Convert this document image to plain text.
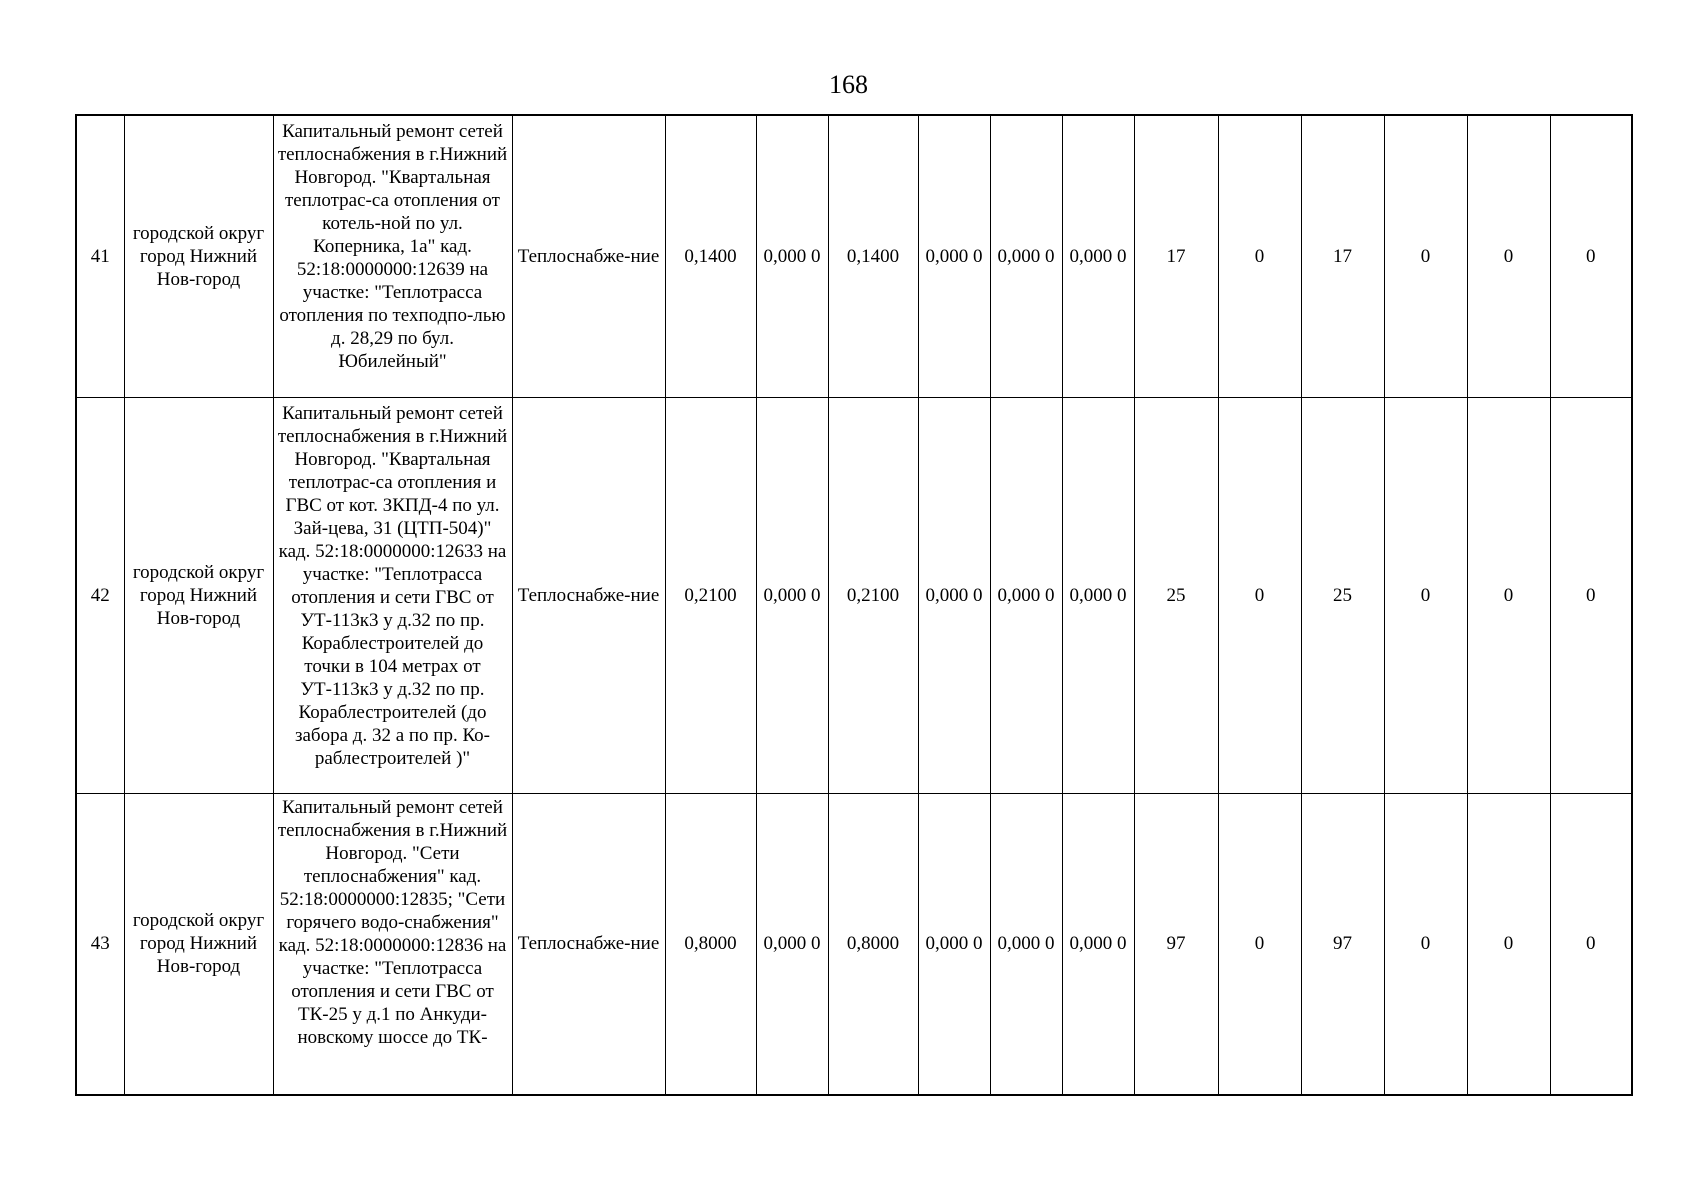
168
41	городской округ город Нижний Нов-город	Капитальный ремонт сетей теплоснабжения в г.Нижний Новгород. "Квартальная теплотрас-са отопления от котель-ной по ул. Коперника, 1а" кад. 52:18:0000000:12639 на участке: "Теплотрасса отопления по техподпо-лью д. 28,29 по бул. Юбилейный"	Теплоснабже-ние	0,1400	0,000 0	0,1400	0,000 0	0,000 0	0,000 0	17	0	17	0	0	0
42	городской округ город Нижний Нов-город	Капитальный ремонт сетей теплоснабжения в г.Нижний Новгород. "Квартальная теплотрас-са отопления и ГВС от кот. ЗКПД-4 по ул. Зай-цева, 31 (ЦТП-504)" кад. 52:18:0000000:12633 на участке: "Теплотрасса отопления и сети ГВС от УТ-113к3 у д.32 по пр. Кораблестроителей до точки в 104 метрах от УТ-113к3 у д.32 по пр. Кораблестроителей (до забора д. 32 а по пр. Ко-раблестроителей )"	Теплоснабже-ние	0,2100	0,000 0	0,2100	0,000 0	0,000 0	0,000 0	25	0	25	0	0	0
43	городской округ город Нижний Нов-город	Капитальный ремонт сетей теплоснабжения в г.Нижний Новгород. "Сети теплоснабжения" кад. 52:18:0000000:12835; "Сети горячего водо-снабжения" кад. 52:18:0000000:12836 на участке: "Теплотрасса отопления и сети ГВС от ТК-25 у д.1 по Анкуди-новскому шоссе до ТК-	Теплоснабже-ние	0,8000	0,000 0	0,8000	0,000 0	0,000 0	0,000 0	97	0	97	0	0	0
